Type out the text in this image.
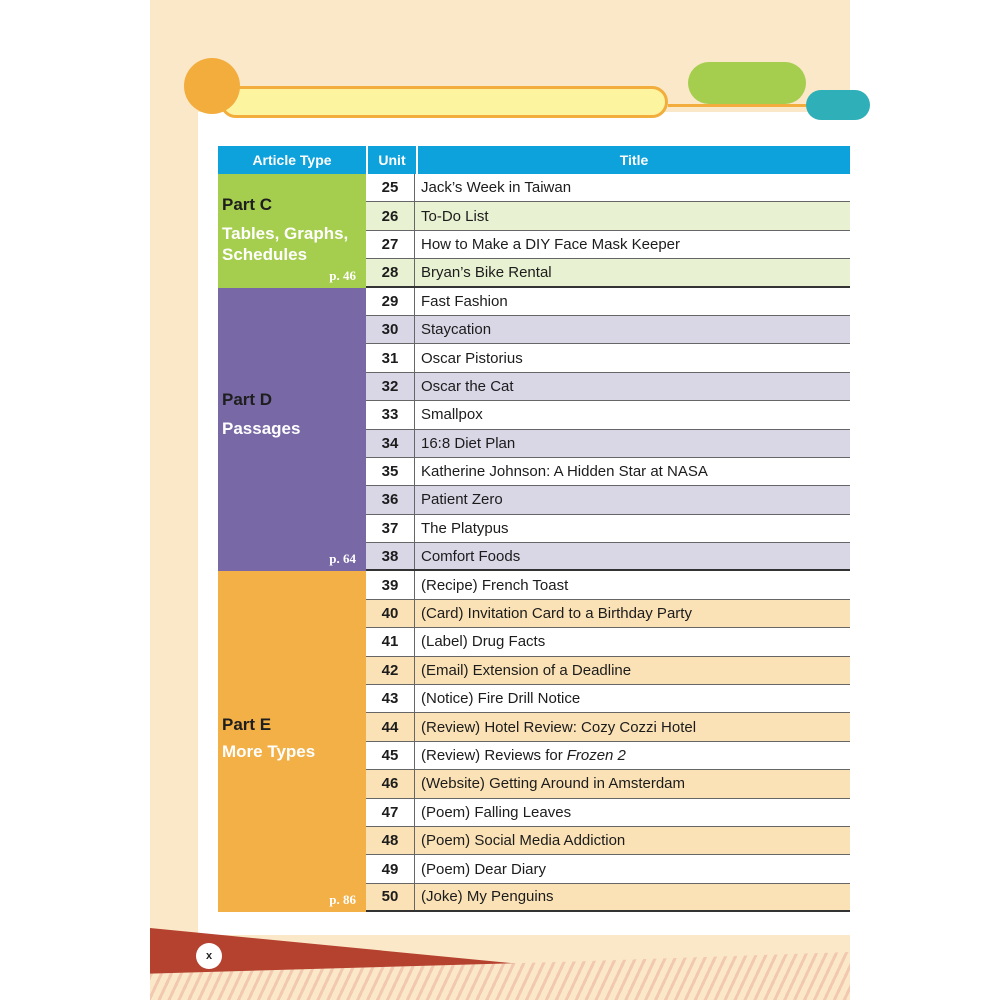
x
Article Type	Unit	Title
Part C
Tables, Graphs, Schedules
p. 46
25	Jack’s Week in Taiwan
26	To-Do List
27	How to Make a DIY Face Mask Keeper
28	Bryan’s Bike Rental
Part D
Passages
p. 64
29	Fast Fashion
30	Staycation
31	Oscar Pistorius
32	Oscar the Cat
33	Smallpox
34	16:8 Diet Plan
35	Katherine Johnson: A Hidden Star at NASA
36	Patient Zero
37	The Platypus
38	Comfort Foods
Part E
More Types
p. 86
39	(Recipe) French Toast
40	(Card) Invitation Card to a Birthday Party
41	(Label) Drug Facts
42	(Email) Extension of a Deadline
43	(Notice) Fire Drill Notice
44	(Review) Hotel Review: Cozy Cozzi Hotel
45	(Review) Reviews for Frozen 2
46	(Website) Getting Around in Amsterdam
47	(Poem) Falling Leaves
48	(Poem) Social Media Addiction
49	(Poem) Dear Diary
50	(Joke) My Penguins
